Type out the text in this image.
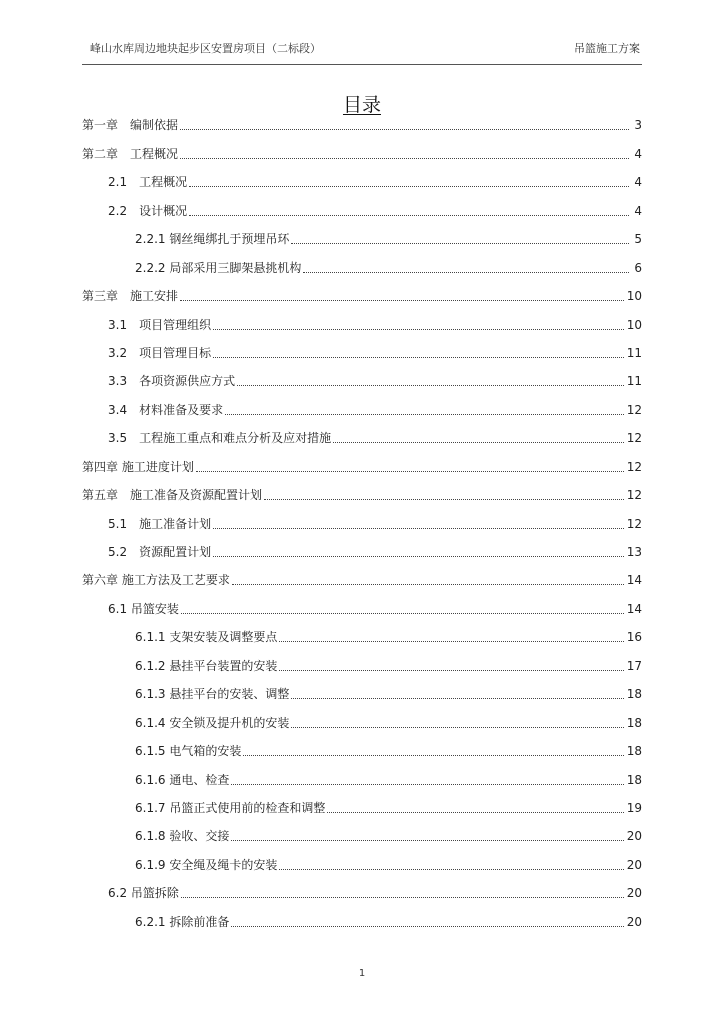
峰山水库周边地块起步区安置房项目（二标段）	吊篮施工方案
目录
第一章　 编制依据	3
第二章　 工程概况	4
2.1　 工程概况	4
2.2　 设计概况	4
2.2.1 钢丝绳绑扎于预埋吊环	5
2.2.2 局部采用三脚架悬挑机构	6
第三章　 施工安排	10
3.1　 项目管理组织	10
3.2　 项目管理目标	11
3.3　 各项资源供应方式	11
3.4　 材料准备及要求	12
3.5　 工程施工重点和难点分析及应对措施	12
第四章 施工进度计划	12
第五章　 施工准备及资源配置计划	12
5.1　 施工准备计划	12
5.2　 资源配置计划	13
第六章 施工方法及工艺要求	14
6.1 吊篮安装	14
6.1.1 支架安装及调整要点	16
6.1.2 悬挂平台装置的安装	17
6.1.3 悬挂平台的安装、调整	18
6.1.4 安全锁及提升机的安装	18
6.1.5 电气箱的安装	18
6.1.6 通电、检查	18
6.1.7 吊篮正式使用前的检查和调整	19
6.1.8 验收、交接	20
6.1.9 安全绳及绳卡的安装	20
6.2 吊篮拆除	20
6.2.1 拆除前准备	20
1
